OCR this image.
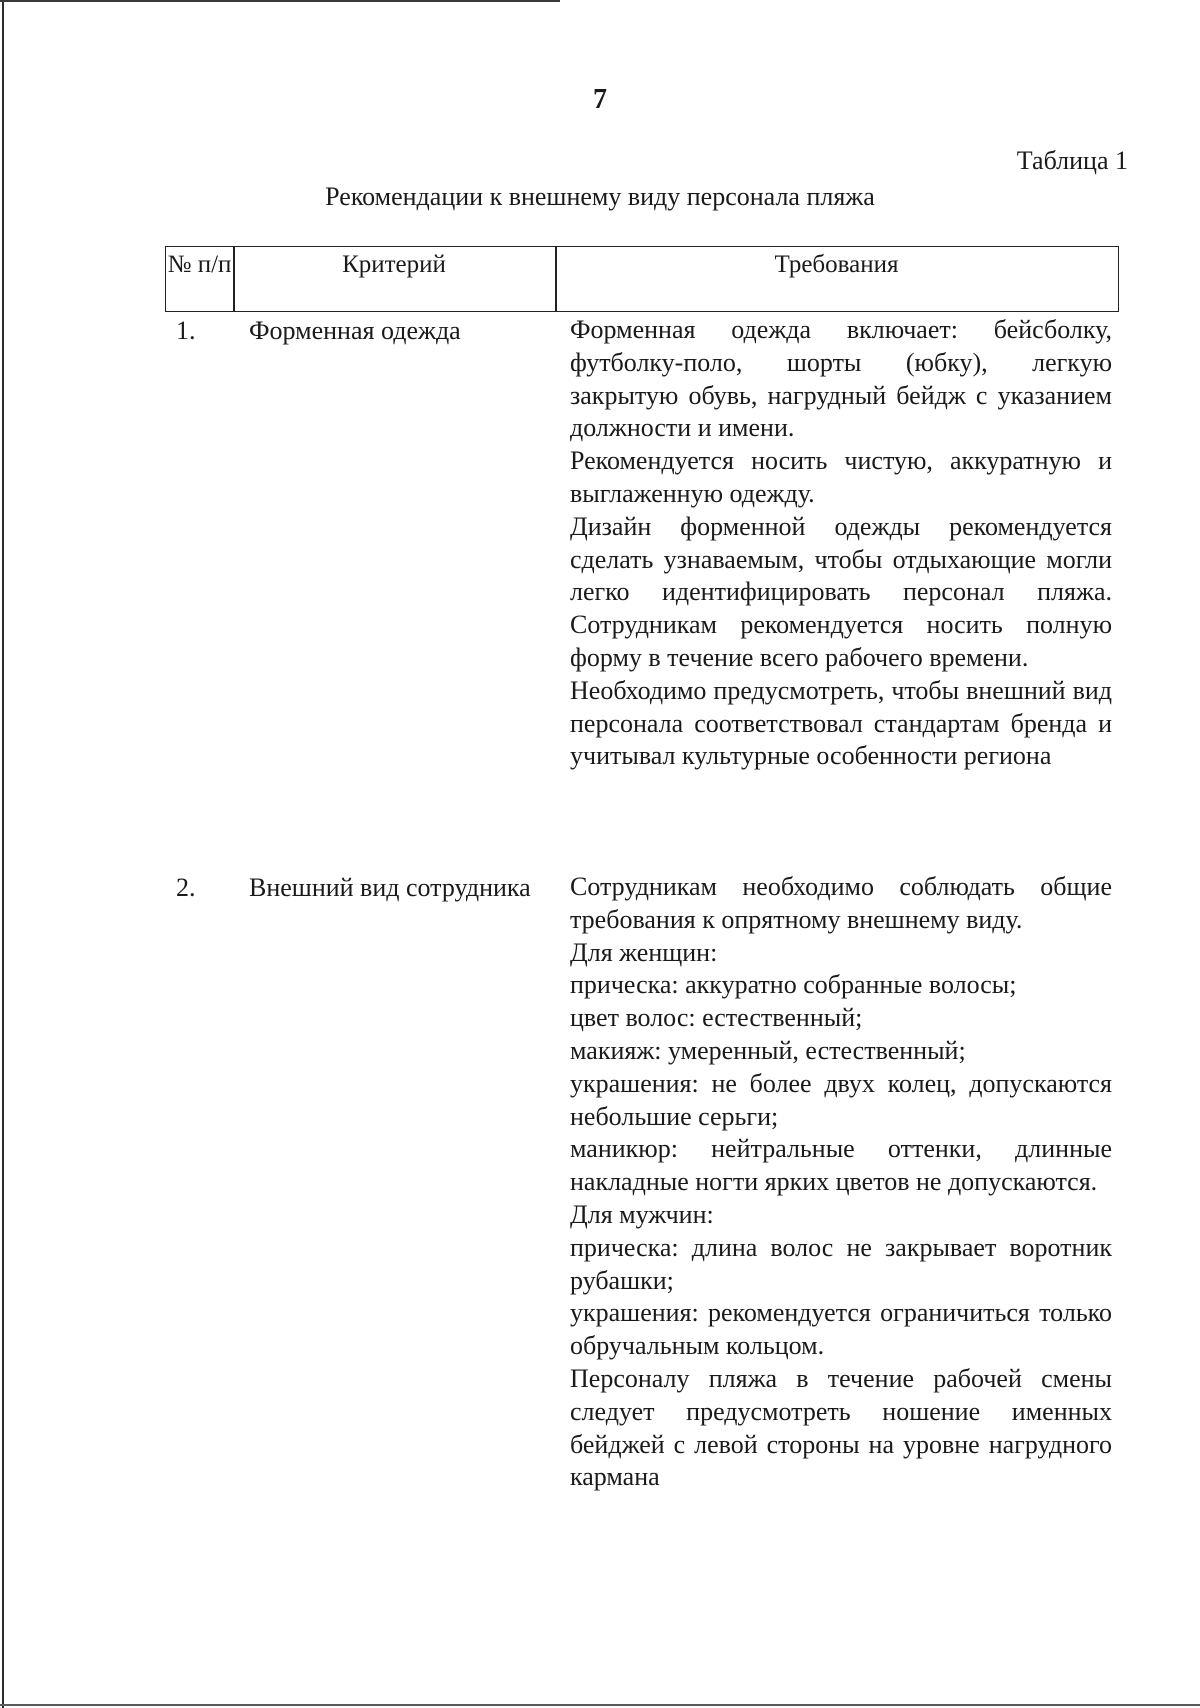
7
Таблица 1
Рекомендации к внешнему виду персонала пляжа
№ п/п	Критерий	Требования
1. Форменная одежда	Форменная одежда включает: бейсболку, футболку-поло, шорты (юбку), легкую закрытую обувь, нагрудный бейдж с указанием должности и имени.

Рекомендуется носить чистую, аккуратную и выглаженную одежду.

Дизайн форменной одежды рекомендуется сделать узнаваемым, чтобы отдыхающие могли легко идентифицировать персонал пляжа. Сотрудникам рекомендуется носить полную форму в течение всего рабочего времени.

Необходимо предусмотреть, чтобы внешний вид персонала соответствовал стандартам бренда и учитывал культурные особенности региона

2. Внешний вид сотрудника	Сотрудникам необходимо соблюдать общие требования к опрятному внешнему виду.

Для женщин:

прическа: аккуратно собранные волосы;

цвет волос: естественный;

макияж: умеренный, естественный;

украшения: не более двух колец, допускаются небольшие серьги;

маникюр: нейтральные оттенки, длинные накладные ногти ярких цветов не допускаются.

Для мужчин:

прическа: длина волос не закрывает воротник рубашки;

украшения: рекомендуется ограничиться только обручальным кольцом.

Персоналу пляжа в течение рабочей смены следует предусмотреть ношение именных бейджей с левой стороны на уровне нагрудного кармана
